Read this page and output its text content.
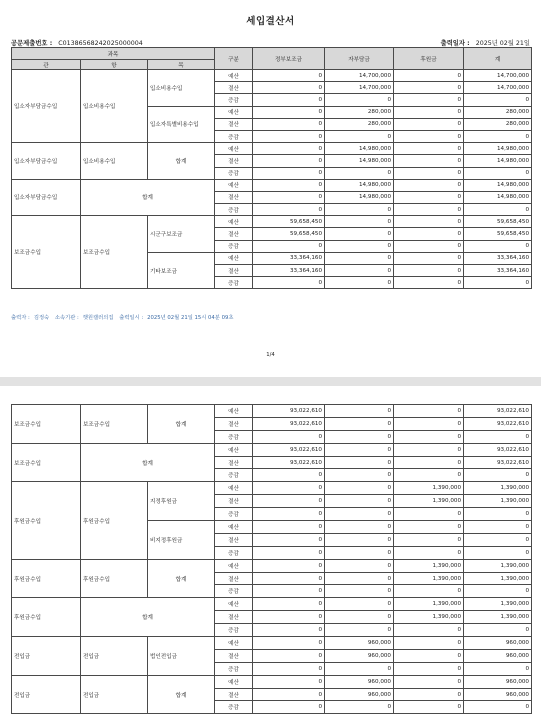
세입결산서
공문제출번호 : C01386568242025000004	출력일자 : 2025년 02월 21일
출력자 : 김정숙 소속기관 : 햇원캘러의집 출력일시 : 2025년 02월 21일 15시 04분 09초
1/4
과목			구분	정부보조금	자부담금	후원금	계
관	항	목					
입소자부담금수입	입소비용수입	입소비용수입	예산	0	14,700,000	0	14,700,000
			결산	0	14,700,000	0	14,700,000
			증감	0	0	0	0
		입소자특별비용수입	예산	0	280,000	0	280,000
			결산	0	280,000	0	280,000
			증감	0	0	0	0
입소자부담금수입	입소비용수입	합계	예산	0	14,980,000	0	14,980,000
			결산	0	14,980,000	0	14,980,000
			증감	0	0	0	0
입소자부담금수입	합계		예산	0	14,980,000	0	14,980,000
			결산	0	14,980,000	0	14,980,000
			증감	0	0	0	0
보조금수입	보조금수입	시군구보조금	예산	59,658,450	0	0	59,658,450
			결산	59,658,450	0	0	59,658,450
			증감	0	0	0	0
		기타보조금	예산	33,364,160	0	0	33,364,160
			결산	33,364,160	0	0	33,364,160
			증감	0	0	0	0
보조금수입	보조금수입	합계	예산	93,022,610	0	0	93,022,610
			결산	93,022,610	0	0	93,022,610
			증감	0	0	0	0
보조금수입	합계		예산	93,022,610	0	0	93,022,610
			결산	93,022,610	0	0	93,022,610
			증감	0	0	0	0
후원금수입	후원금수입	지정후원금	예산	0	0	1,390,000	1,390,000
			결산	0	0	1,390,000	1,390,000
			증감	0	0	0	0
		비지정후원금	예산	0	0	0	0
			결산	0	0	0	0
			증감	0	0	0	0
후원금수입	후원금수입	합계	예산	0	0	1,390,000	1,390,000
			결산	0	0	1,390,000	1,390,000
			증감	0	0	0	0
후원금수입	합계		예산	0	0	1,390,000	1,390,000
			결산	0	0	1,390,000	1,390,000
			증감	0	0	0	0
전입금	전입금	법인전입금	예산	0	960,000	0	960,000
			결산	0	960,000	0	960,000
			증감	0	0	0	0
전입금	전입금	합계	예산	0	960,000	0	960,000
			결산	0	960,000	0	960,000
			증감	0	0	0	0
